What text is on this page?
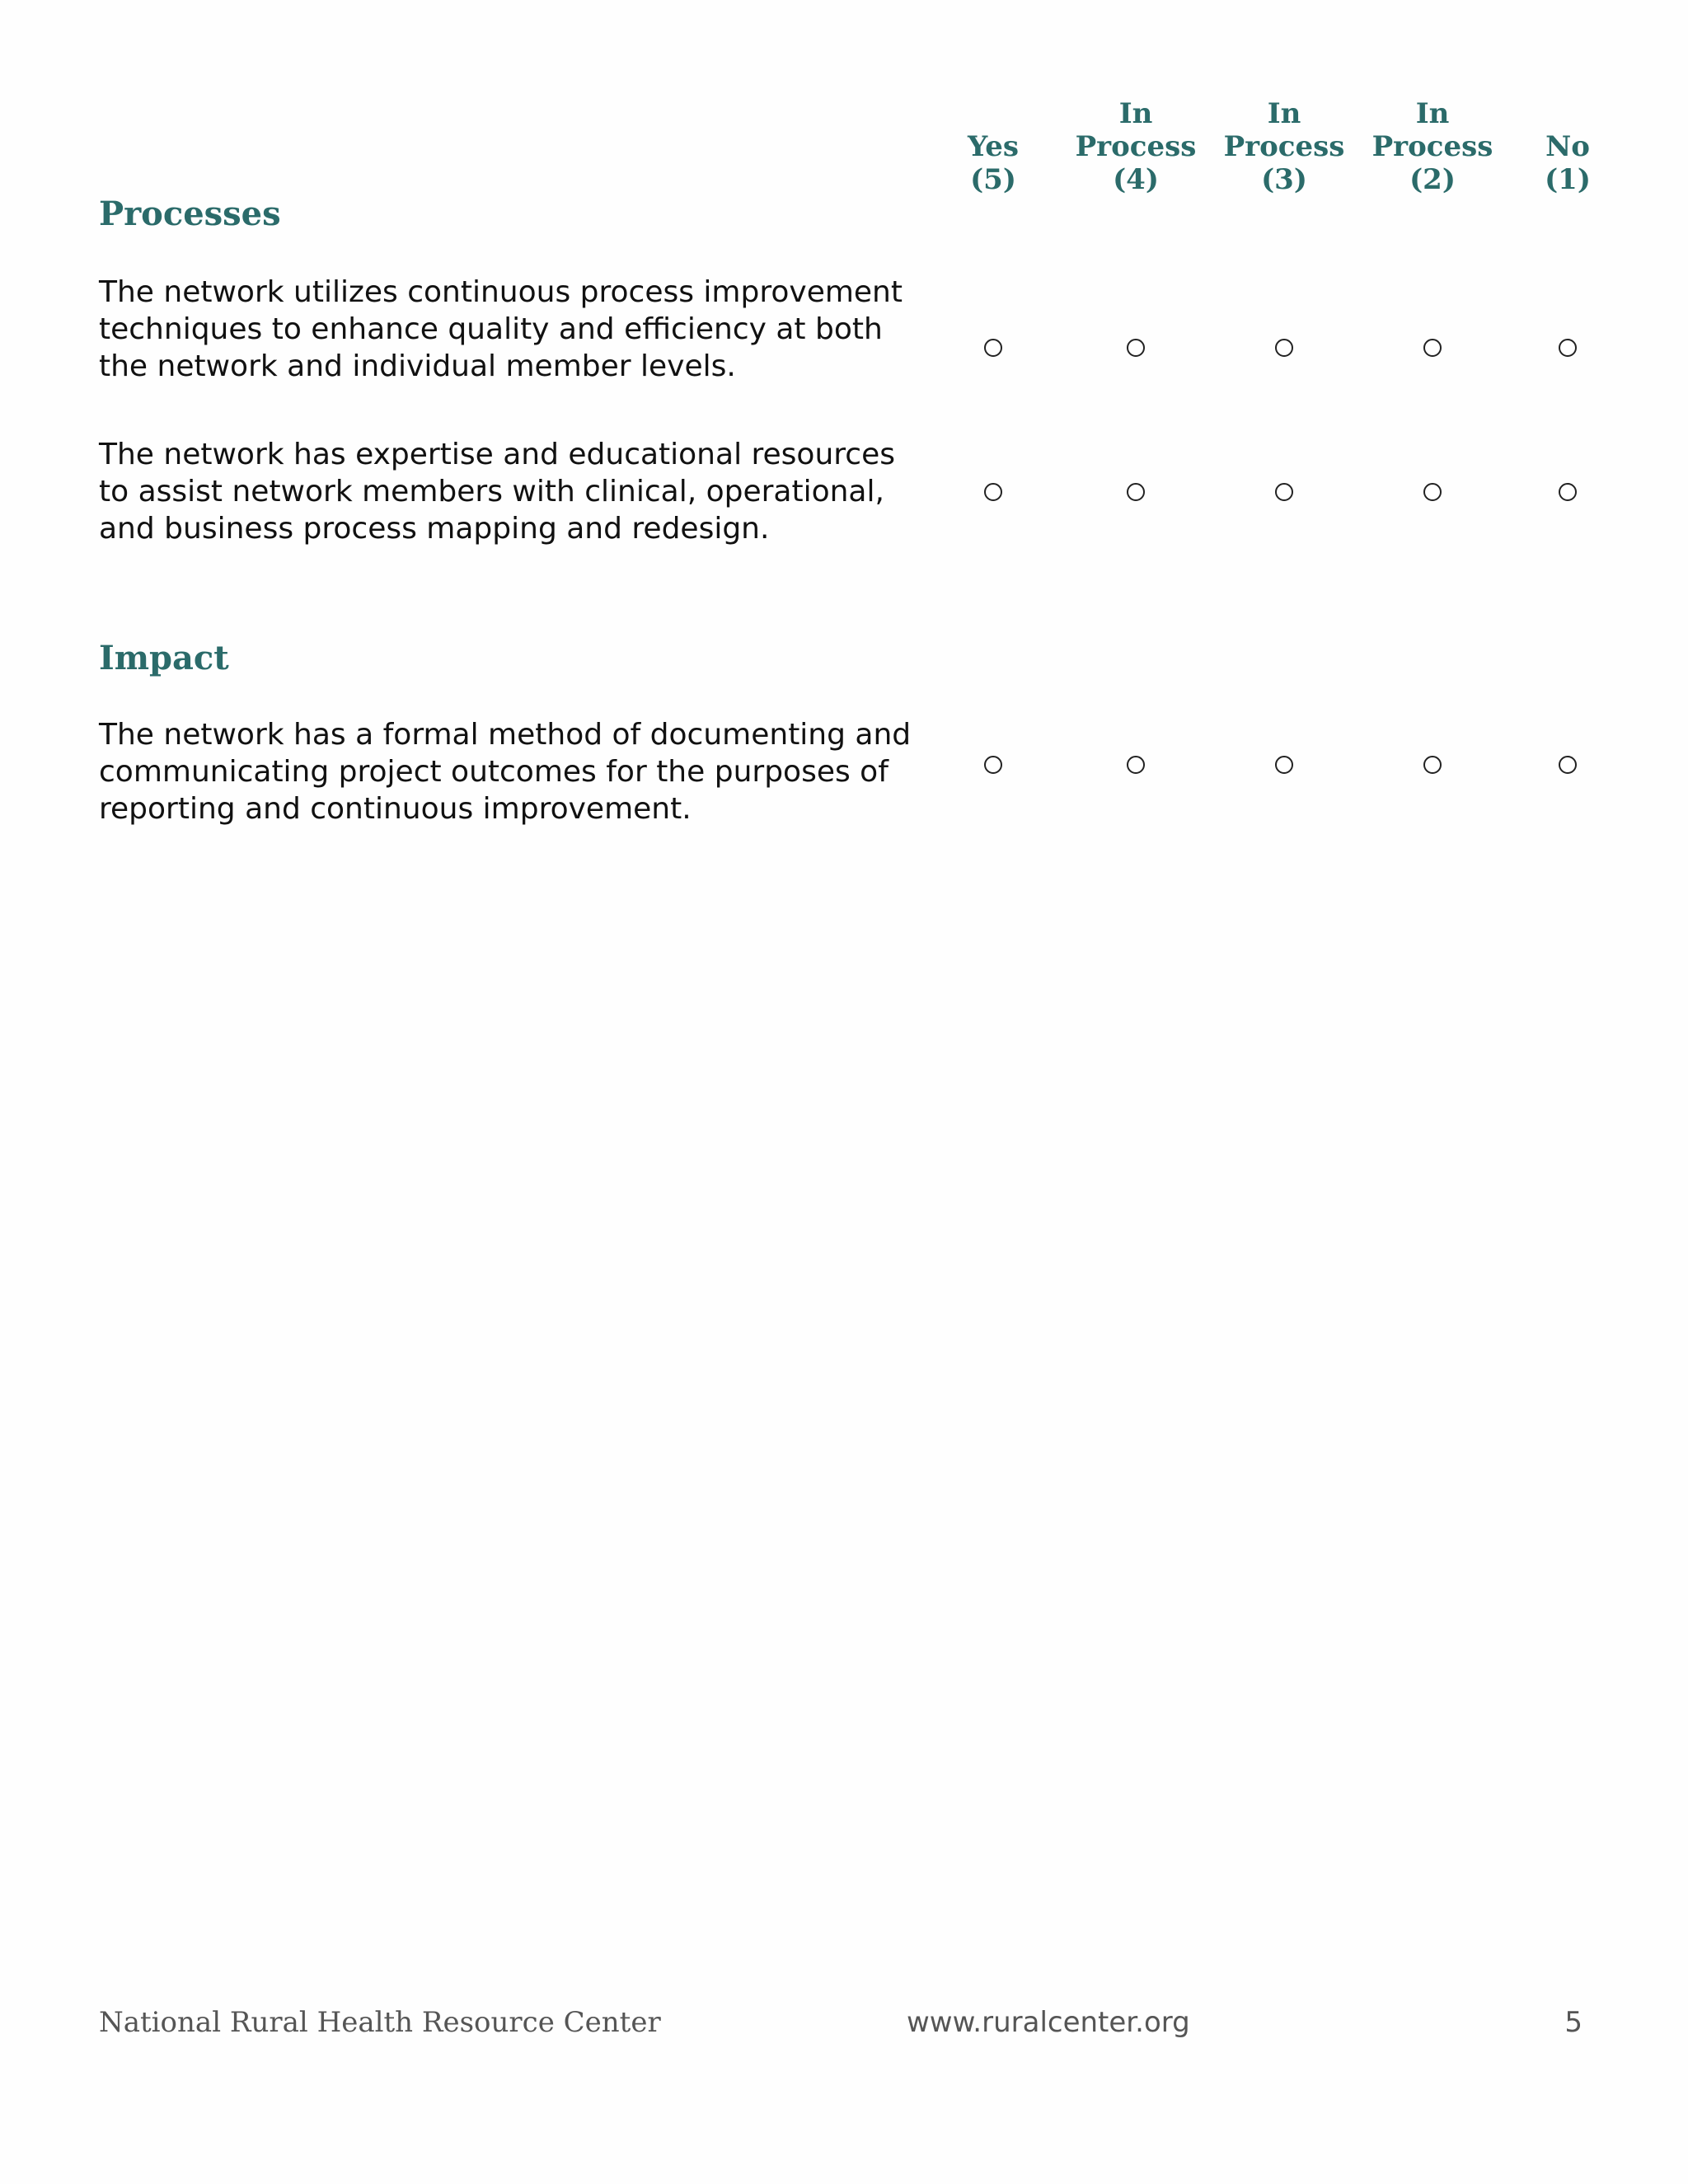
Yes
(5)
In
Process
(4)
In
Process
(3)
In
Process
(2)

No
(1)
Processes
The network utilizes continuous process improvement techniques to enhance quality and efficiency at both the network and individual member levels.
The network has expertise and educational resources to assist network members with clinical, operational, and business process mapping and redesign.
Impact
The network has a formal method of documenting and communicating project outcomes for the purposes of reporting and continuous improvement.
National Rural Health Resource Center	www.ruralcenter.org	5
